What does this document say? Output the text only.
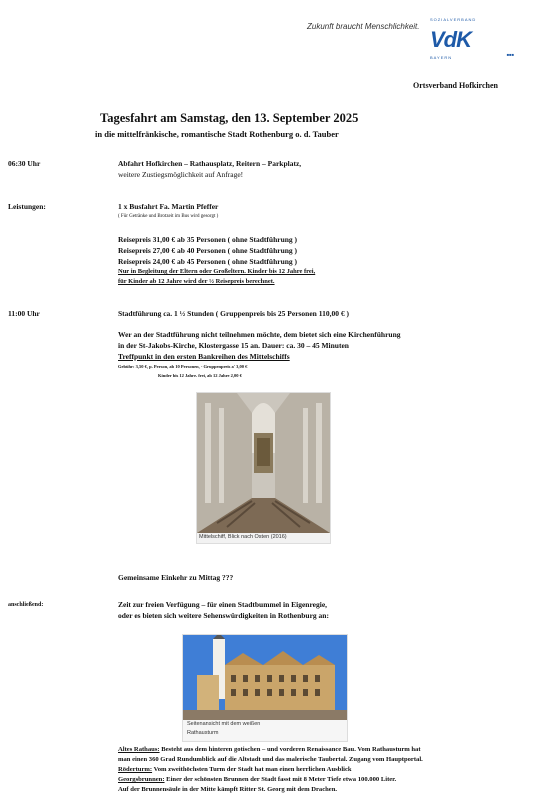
Zukunft braucht Menschlichkeit.
SOZIALVERBAND
VdK
BAYERN
■■■
Ortsverband Hofkirchen
Tagesfahrt am Samstag, den 13. September 2025
in die mittelfränkische, romantische Stadt Rothenburg o. d. Tauber
06:30 Uhr	Abfahrt Hofkirchen – Rathausplatz, Reitern – Parkplatz,
weitere Zustiegsmöglichkeit auf Anfrage!
Leistungen:	1 x Busfahrt Fa. Martin Pfeffer
( Für Getränke und Brotzeit im Bus wird gesorgt )
Reisepreis 31,00 € ab 35 Personen ( ohne Stadtführung )
Reisepreis 27,00 € ab 40 Personen ( ohne Stadtführung )
Reisepreis 24,00 € ab 45 Personen ( ohne Stadtführung )
Nur in Begleitung der Eltern oder Großeltern. Kinder bis 12 Jahre frei,
für Kinder ab 12 Jahre wird der ½ Reisepreis berechnet.
11:00 Uhr	Stadtführung ca. 1 ½ Stunden ( Gruppenpreis bis 25 Personen 110,00 € )
Wer an der Stadtführung nicht teilnehmen möchte, dem bietet sich eine Kirchenführung
in der St-Jakobs-Kirche, Klostergasse 15 an. Dauer: ca. 30 – 45 Minuten
Treffpunkt in den ersten Bankreihen des Mittelschiffs
Gebühr: 3,50 €, p. Person, ab 10 Personen, - Gruppenpreis a' 3,00 €
Kinder bis 12 Jahre. frei, ab 12 Jahre 2,00 €
Mittelschiff, Blick nach Osten (2016)
Gemeinsame Einkehr zu Mittag ???
anschließend:	Zeit zur freien Verfügung – für einen Stadtbummel in Eigenregie,
oder es bieten sich weitere Sehenswürdigkeiten in Rothenburg an:
Seitenansicht mit dem weißen
Rathausturm
Altes Rathaus: Besteht aus dem hinteren gotischen – und vorderen Renaissance Bau. Vom Rathausturm hat
man einen 360 Grad Rundumblick auf die Altstadt und das malerische Taubertal. Zugang vom Hauptportal.
Röderturm: Vom zweithöchsten Turm der Stadt hat man einen herrlichen Ausblick
Georgsbrunnen: Einer der schönsten Brunnen der Stadt fasst mit 8 Meter Tiefe etwa 100.000 Liter.
Auf der Brunnensäule in der Mitte kämpft Ritter St. Georg mit dem Drachen.
